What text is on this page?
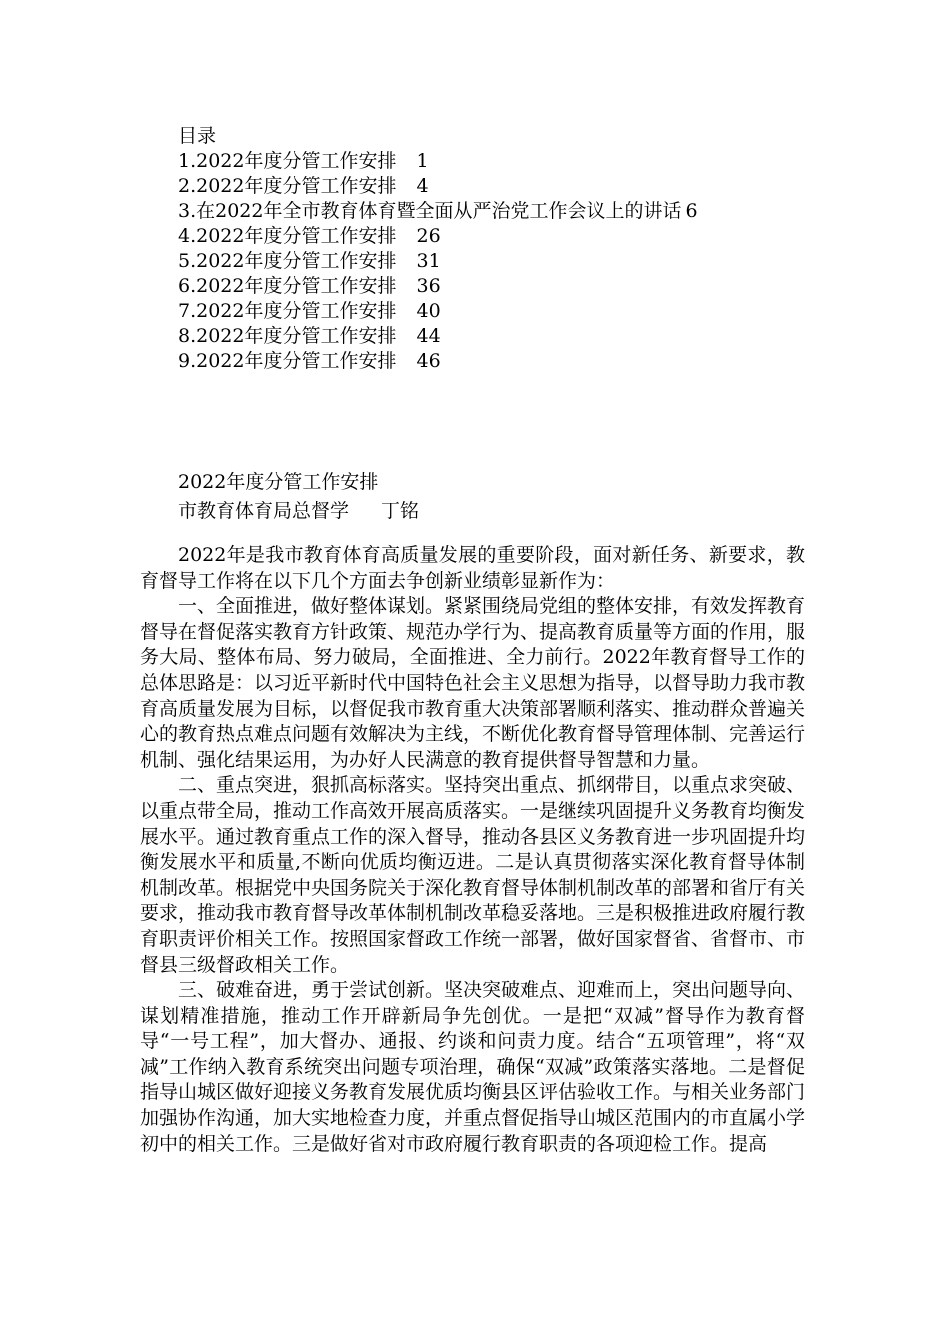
目录
1.2022年度分管工作安排 1
2.2022年度分管工作安排 4
3.在2022年全市教育体育暨全面从严治党工作会议上的讲话 6
4.2022年度分管工作安排 26
5.2022年度分管工作安排 31
6.2022年度分管工作安排 36
7.2022年度分管工作安排 40
8.2022年度分管工作安排 44
9.2022年度分管工作安排 46
2022年度分管工作安排
市教育体育局总督学 丁铭

2022年是我市教育体育高质量发展的重要阶段，面对新任务、新要求，教育督导工作将在以下几个方面去争创新业绩彰显新作为：

一、全面推进，做好整体谋划。紧紧围绕局党组的整体安排，有效发挥教育督导在督促落实教育方针政策、规范办学行为、提高教育质量等方面的作用，服务大局、整体布局、努力破局，全面推进、全力前行。2022年教育督导工作的总体思路是：以习近平新时代中国特色社会主义思想为指导，以督导助力我市教育高质量发展为目标，以督促我市教育重大决策部署顺利落实、推动群众普遍关心的教育热点难点问题有效解决为主线，不断优化教育督导管理体制、完善运行机制、强化结果运用，为办好人民满意的教育提供督导智慧和力量。

二、重点突进，狠抓高标落实。坚持突出重点、抓纲带目，以重点求突破、以重点带全局，推动工作高效开展高质落实。一是继续巩固提升义务教育均衡发展水平。通过教育重点工作的深入督导，推动各县区义务教育进一步巩固提升均衡发展水平和质量,不断向优质均衡迈进。二是认真贯彻落实深化教育督导体制机制改革。根据党中央国务院关于深化教育督导体制机制改革的部署和省厅有关要求，推动我市教育督导改革体制机制改革稳妥落地。三是积极推进政府履行教育职责评价相关工作。按照国家督政工作统一部署，做好国家督省、省督市、市督县三级督政相关工作。

三、破难奋进，勇于尝试创新。坚决突破难点、迎难而上，突出问题导向、谋划精准措施，推动工作开辟新局争先创优。一是把“双减”督导作为教育督导“一号工程”，加大督办、通报、约谈和问责力度。结合“五项管理”，将“双减”工作纳入教育系统突出问题专项治理，确保“双减”政策落实落地。二是督促指导山城区做好迎接义务教育发展优质均衡县区评估验收工作。与相关业务部门加强协作沟通，加大实地检查力度，并重点督促指导山城区范围内的市直属小学初中的相关工作。三是做好省对市政府履行教育职责的各项迎检工作。提高
